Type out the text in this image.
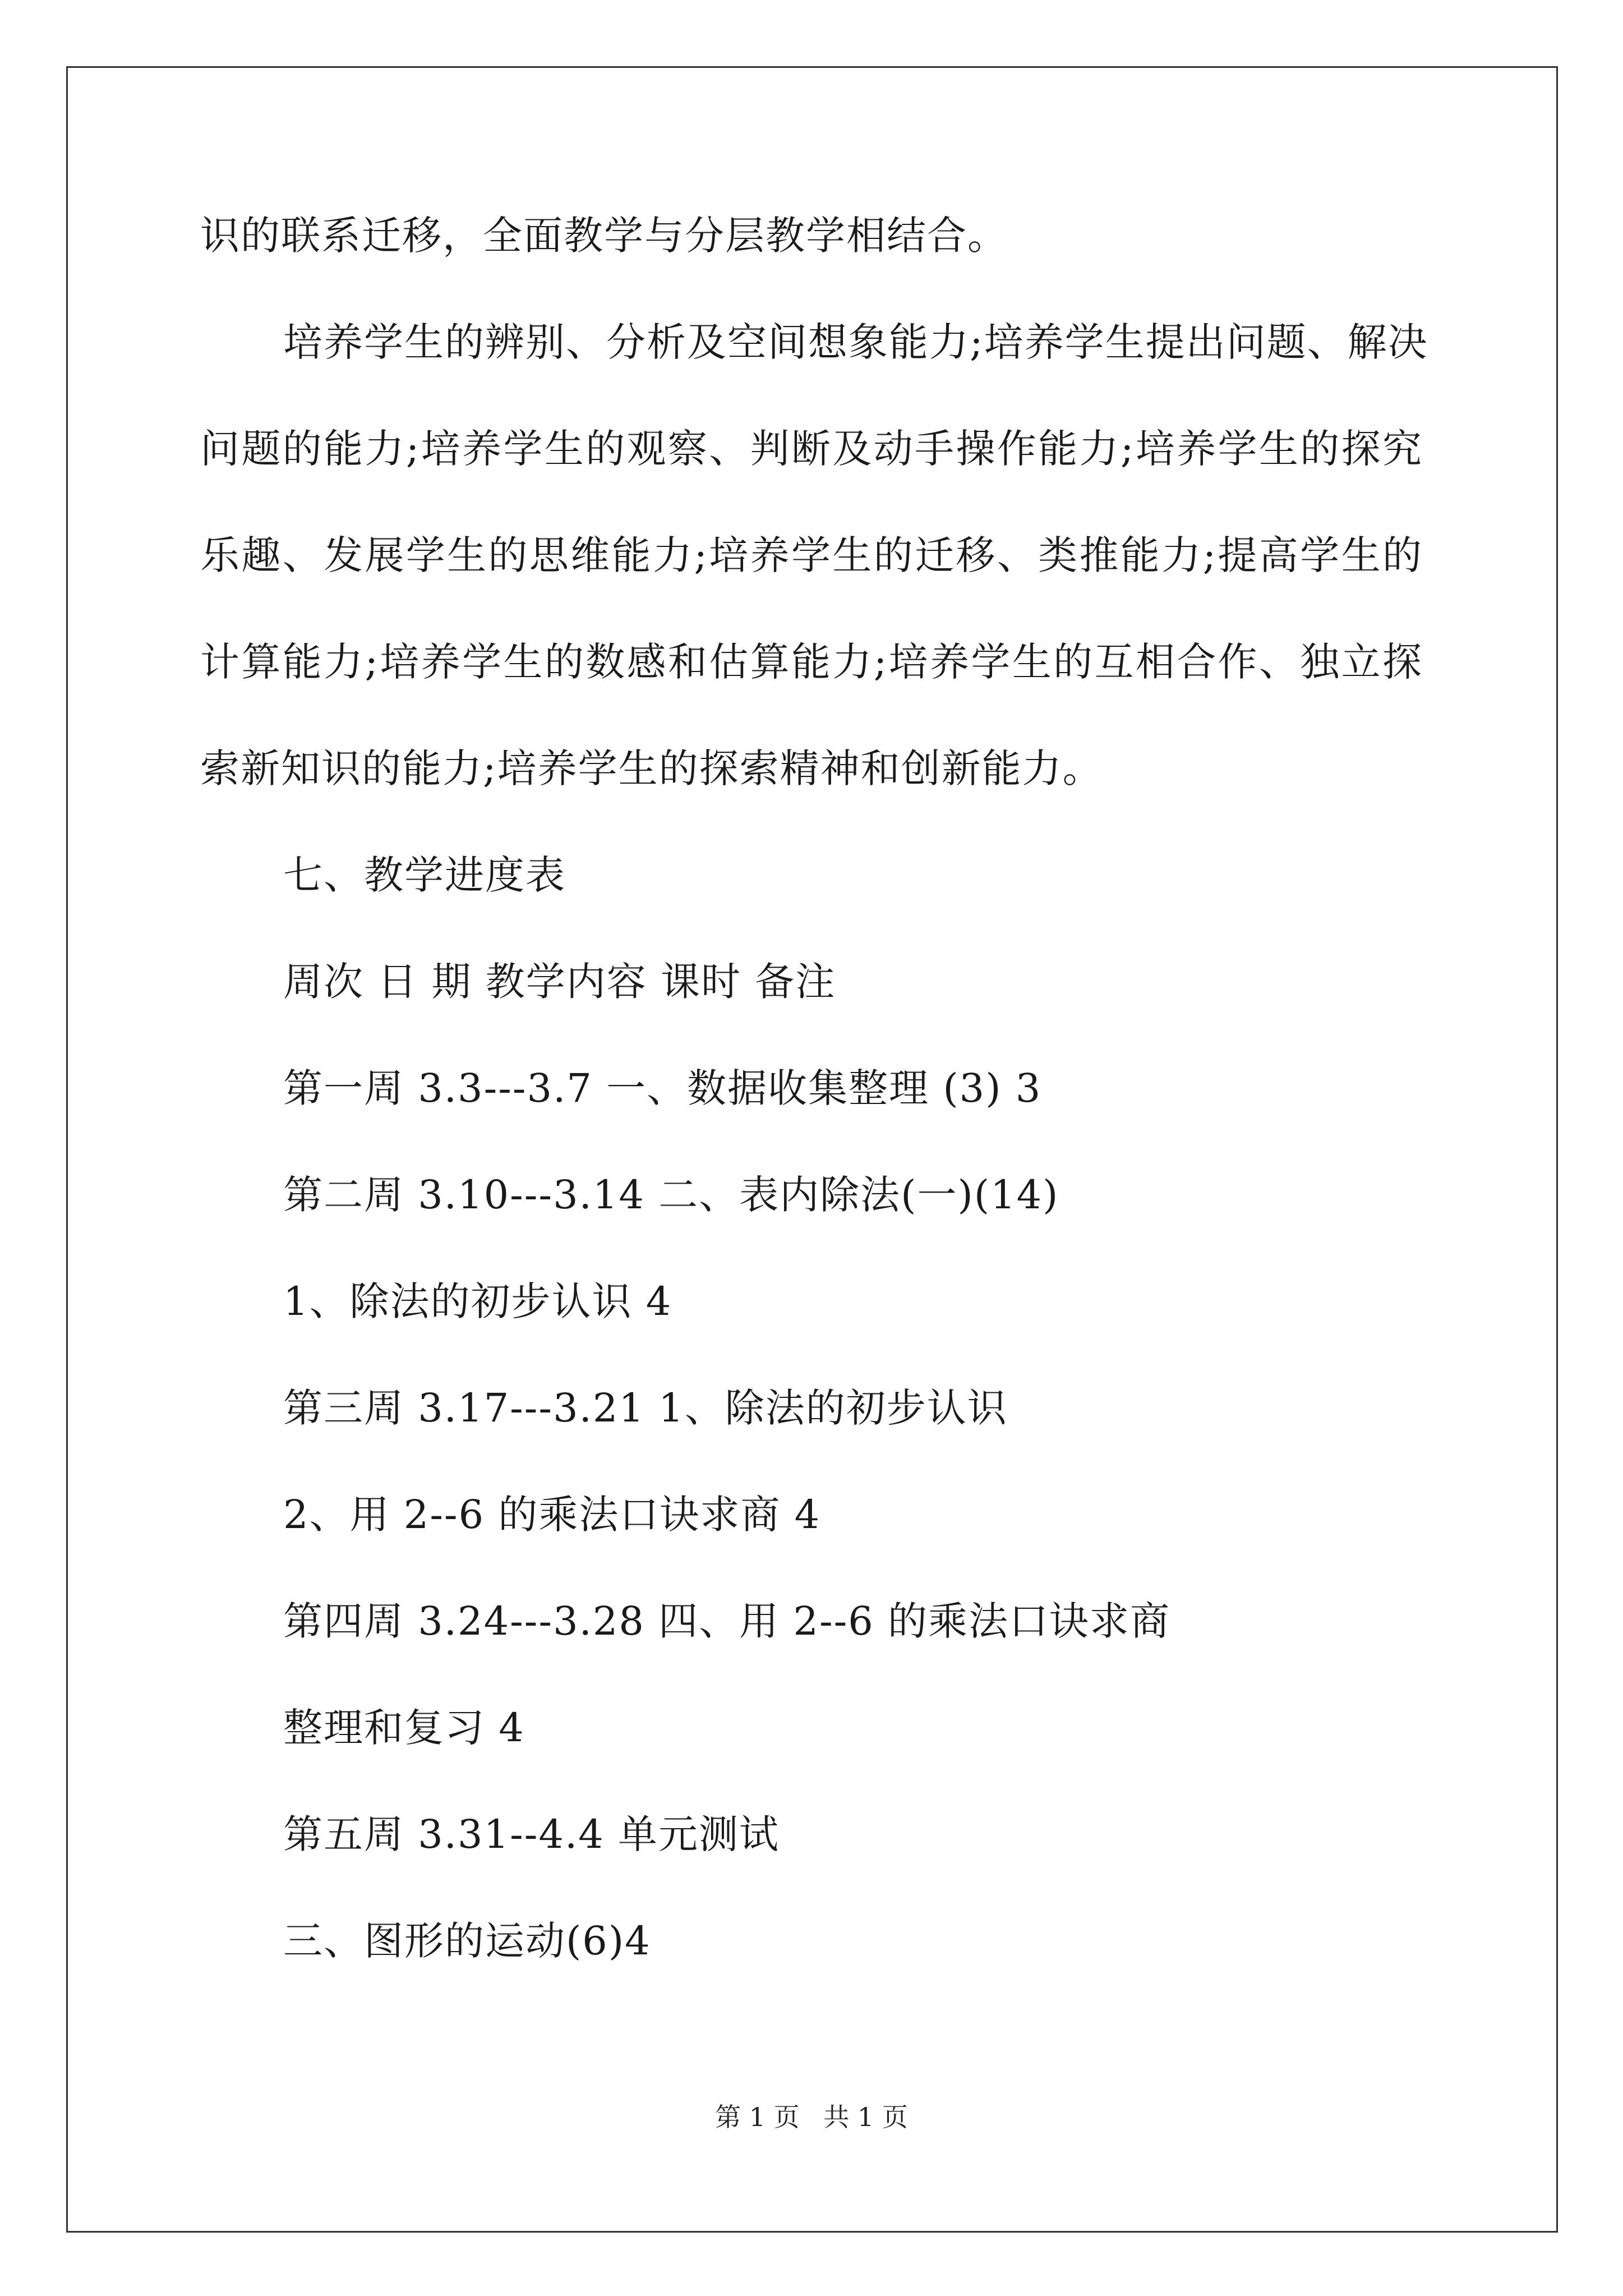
识的联系迁移，全面教学与分层教学相结合。
培养学生的辨别、分析及空间想象能力;培养学生提出问题、解决
问题的能力;培养学生的观察、判断及动手操作能力;培养学生的探究
乐趣、发展学生的思维能力;培养学生的迁移、类推能力;提高学生的
计算能力;培养学生的数感和估算能力;培养学生的互相合作、独立探
索新知识的能力;培养学生的探索精神和创新能力。
七、教学进度表
周次 日 期 教学内容 课时 备注
第一周 3.3---3.7 一、数据收集整理 (3) 3
第二周 3.10---3.14 二、表内除法(一)(14)
1、除法的初步认识 4
第三周 3.17---3.21 1、除法的初步认识
2、用 2--6 的乘法口诀求商 4
第四周 3.24---3.28 四、用 2--6 的乘法口诀求商
整理和复习 4
第五周 3.31--4.4 单元测试
三、图形的运动(6)4
第 1 页 共 1 页
